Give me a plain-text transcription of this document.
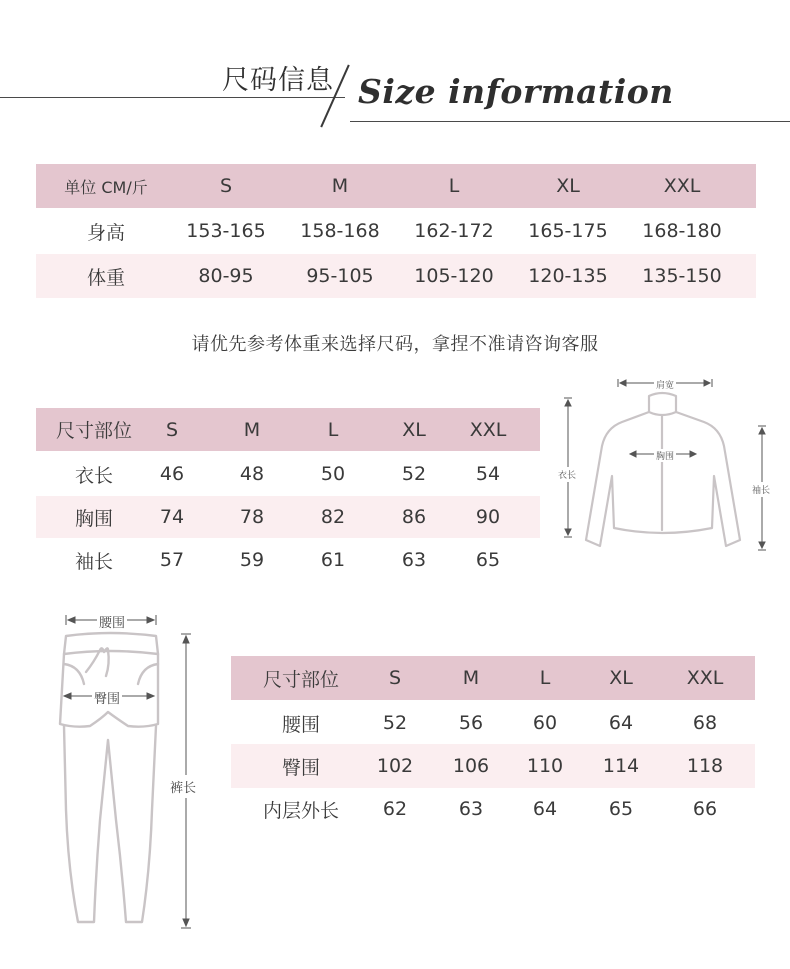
尺码信息 Size information
单位 CM/斤	S	M	L	XL	XXL
身高	153-165	158-168	162-172	165-175	168-180
体重	80-95	95-105	105-120	120-135	135-150
请优先参考体重来选择尺码，拿捏不准请咨询客服
尺寸部位	S	M	L	XL	XXL
衣长	46	48	50	52	54
胸围	74	78	82	86	90
袖长	57	59	61	63	65
肩宽
胸围
衣长
袖长
腰围
臀围
裤长
尺寸部位	S	M	L	XL	XXL
腰围	52	56	60	64	68
臀围	102	106	110	114	118
内层外长	62	63	64	65	66
